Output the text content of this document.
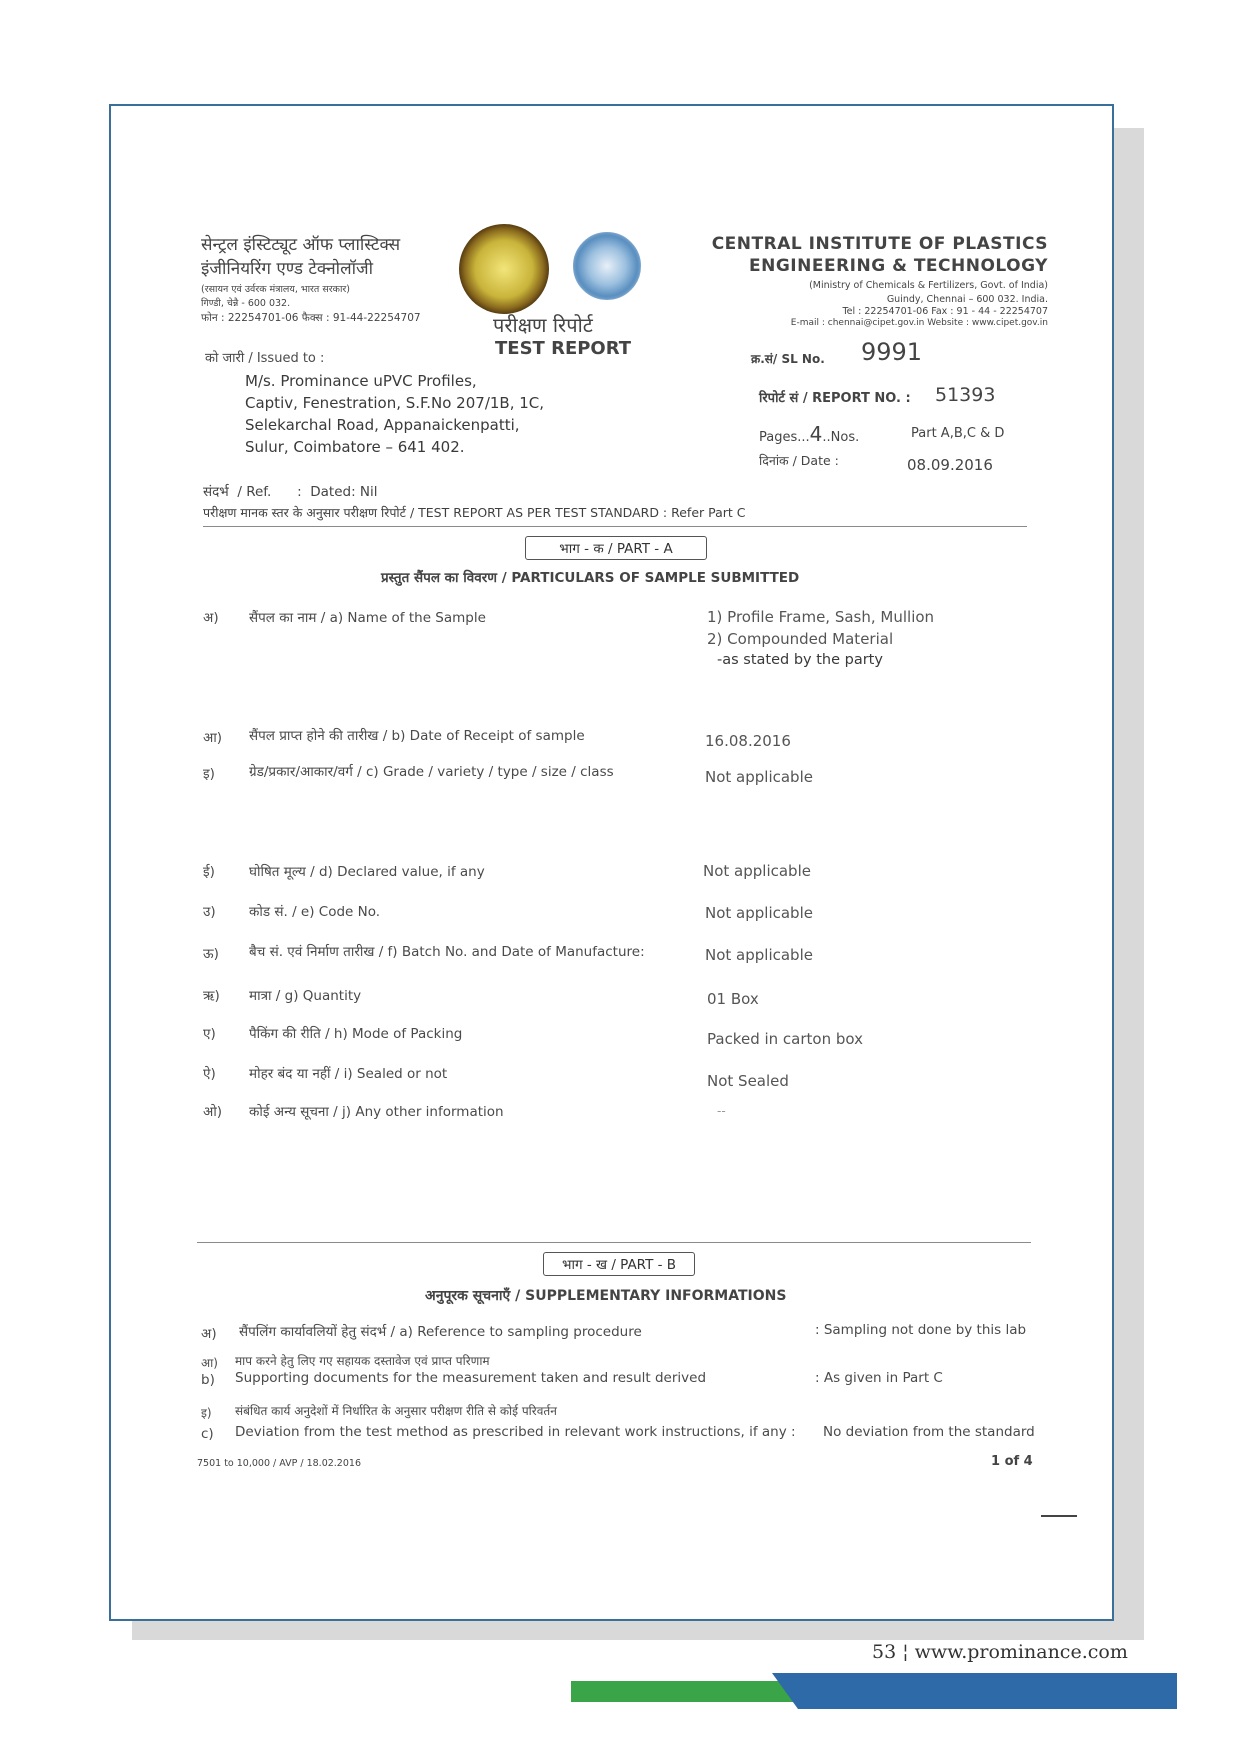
सेन्ट्रल इंस्टिट्यूट ऑफ प्लास्टिक्स
इंजीनियरिंग एण्ड टेक्नोलॉजी
(रसायन एवं उर्वरक मंत्रालय, भारत सरकार)
गिण्डी, चेन्नै - 600 032.
फोन : 22254701-06 फैक्स : 91-44-22254707	परीक्षण रिपोर्ट
TEST REPORT
CENTRAL INSTITUTE OF PLASTICS
ENGINEERING & TECHNOLOGY
(Ministry of Chemicals & Fertilizers, Govt. of India)
Guindy, Chennai – 600 032. India.
Tel : 22254701-06 Fax : 91 - 44 - 22254707
E-mail : chennai@cipet.gov.in Website : www.cipet.gov.in
को जारी / Issued to :
M/s. Prominance uPVC Profiles,
Captiv, Fenestration, S.F.No 207/1B, 1C,
Selekarchal Road, Appanaickenpatti,
Sulur, Coimbatore – 641 402.
क्र.सं/ SL No. 9991
रिपोर्ट सं / REPORT NO. : 51393
Pages...4..Nos.	Part A,B,C & D
दिनांक / Date :	08.09.2016
संदर्भ  / Ref.      :  Dated: Nil
परीक्षण मानक स्तर के अनुसार परीक्षण रिपोर्ट / TEST REPORT AS PER TEST STANDARD : Refer Part C
भाग - क / PART - A
प्रस्तुत सैंपल का विवरण / PARTICULARS OF SAMPLE SUBMITTED
अ) सैंपल का नाम / a) Name of the Sample	1) Profile Frame, Sash, Mullion
2) Compounded Material
-as stated by the party
आ) सैंपल प्राप्त होने की तारीख / b) Date of Receipt of sample	16.08.2016
इ)	ग्रेड/प्रकार/आकार/वर्ग / c) Grade / variety / type / size / class	Not applicable
ई)	घोषित मूल्य / d) Declared value, if any	Not applicable
उ) कोड सं. / e) Code No.	Not applicable
ऊ) बैच सं. एवं निर्माण तारीख / f) Batch No. and Date of Manufacture:	Not applicable
ऋ) मात्रा / g) Quantity	01 Box
ए) पैकिंग की रीति / h) Mode of Packing	Packed in carton box
ऐ) मोहर बंद या नहीं / i) Sealed or not	Not Sealed
ओ) कोई अन्य सूचना / j) Any other information	--
भाग - ख / PART - B
अनुपूरक सूचनाएँ / SUPPLEMENTARY INFORMATIONS
अ) सैंपलिंग कार्यावलियों हेतु संदर्भ / a) Reference to sampling procedure	: Sampling not done by this lab
आ) माप करने हेतु लिए गए सहायक दस्तावेज एवं प्राप्त परिणाम
b) Supporting documents for the measurement taken and result derived	: As given in Part C
इ) संबंधित कार्य अनुदेशों में निर्धारित के अनुसार परीक्षण रीति से कोई परिवर्तन
c) Deviation from the test method as prescribed in relevant work instructions, if any : No deviation from the standard
7501 to 10,000 / AVP / 18.02.2016	1 of 4
53 ¦ www.prominance.com
